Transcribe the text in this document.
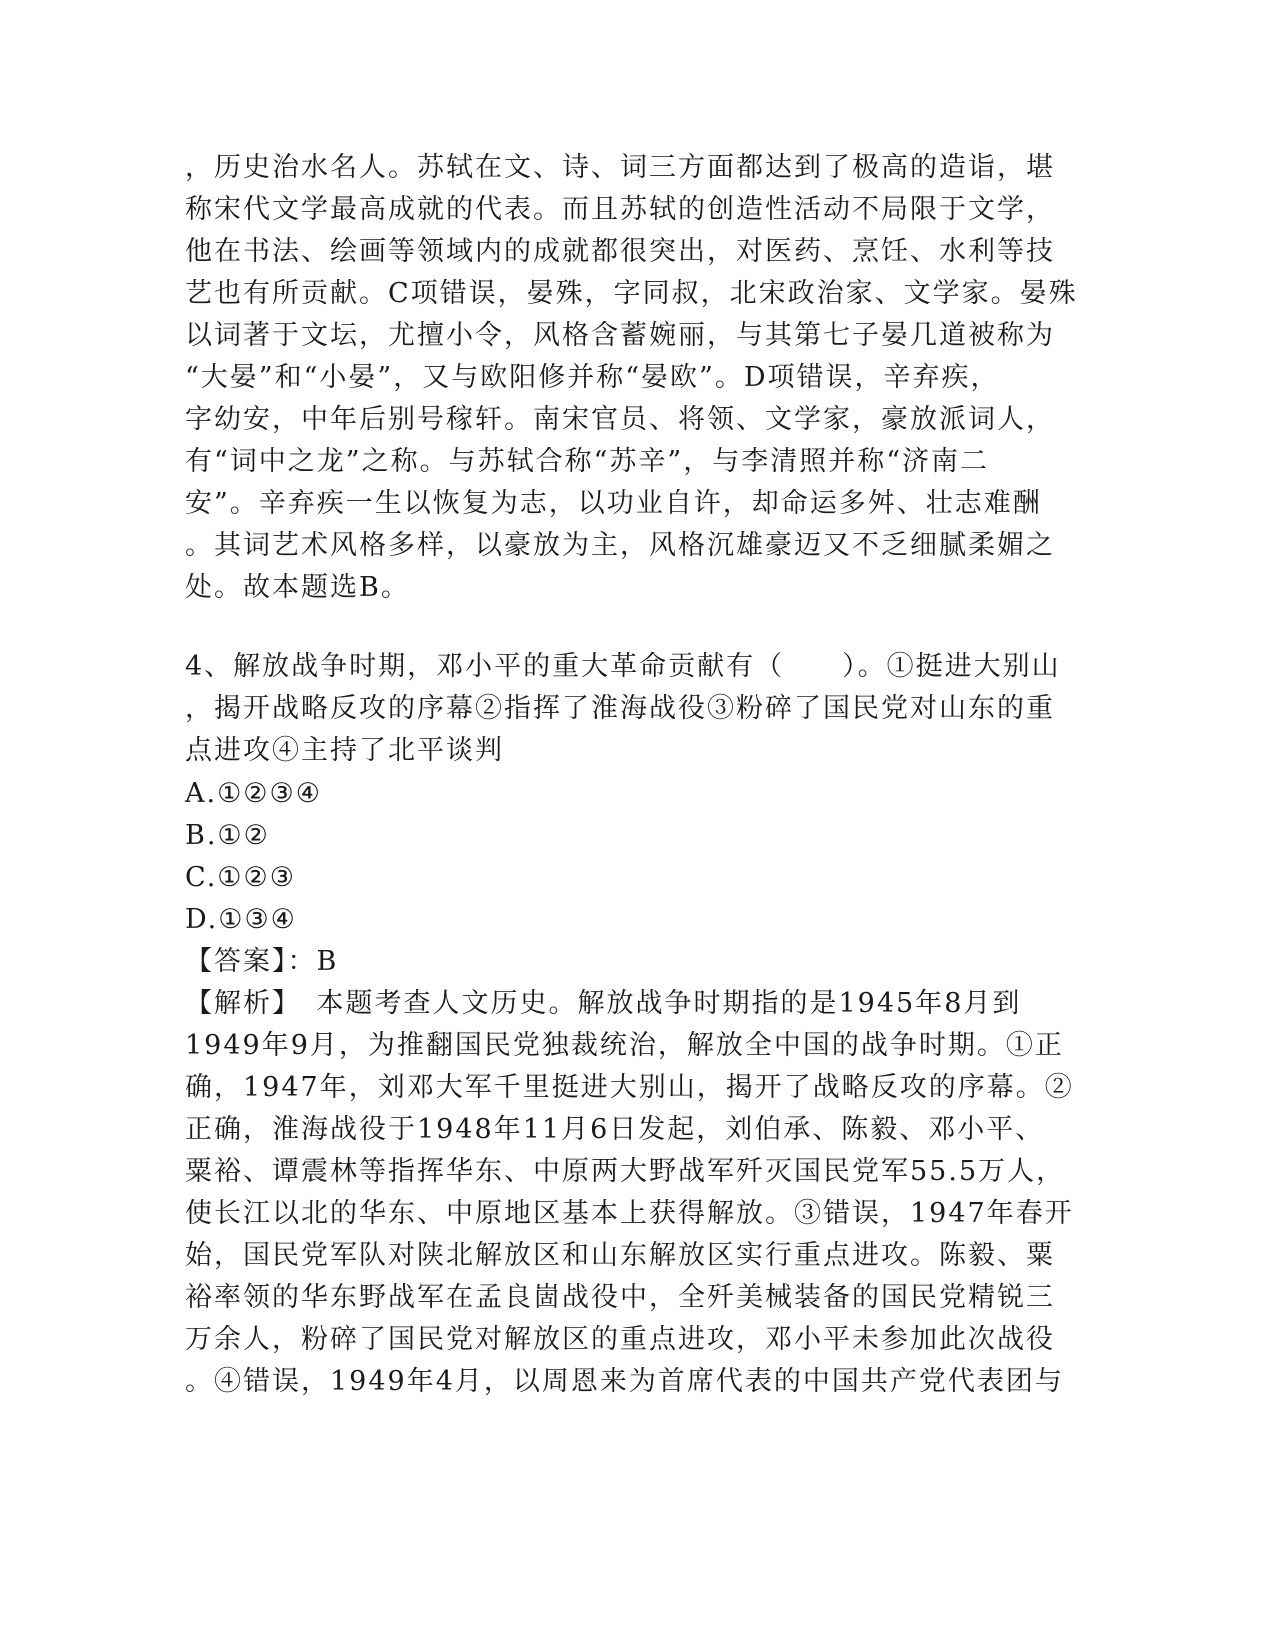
，历史治水名人。苏轼在文、诗、词三方面都达到了极高的造诣，堪
称宋代文学最高成就的代表。而且苏轼的创造性活动不局限于文学，
他在书法、绘画等领域内的成就都很突出，对医药、烹饪、水利等技
艺也有所贡献。C项错误，晏殊，字同叔，北宋政治家、文学家。晏殊
以词著于文坛，尤擅小令，风格含蓄婉丽，与其第七子晏几道被称为
“大晏”和“小晏”，又与欧阳修并称“晏欧”。D项错误，辛弃疾，
字幼安，中年后别号稼轩。南宋官员、将领、文学家，豪放派词人，
有“词中之龙”之称。与苏轼合称“苏辛”，与李清照并称“济南二
安”。辛弃疾一生以恢复为志，以功业自许，却命运多舛、壮志难酬
。其词艺术风格多样，以豪放为主，风格沉雄豪迈又不乏细腻柔媚之
处。故本题选B。
4、解放战争时期，邓小平的重大革命贡献有（　　）。①挺进大别山
，揭开战略反攻的序幕②指挥了淮海战役③粉碎了国民党对山东的重
点进攻④主持了北平谈判
A.①②③④
B.①②
C.①②③
D.①③④
【答案】：B
【解析】　本题考查人文历史。解放战争时期指的是1945年8月到
1949年9月，为推翻国民党独裁统治，解放全中国的战争时期。①正
确，1947年，刘邓大军千里挺进大别山，揭开了战略反攻的序幕。②
正确，淮海战役于1948年11月6日发起，刘伯承、陈毅、邓小平、
粟裕、谭震林等指挥华东、中原两大野战军歼灭国民党军55.5万人，
使长江以北的华东、中原地区基本上获得解放。③错误，1947年春开
始，国民党军队对陕北解放区和山东解放区实行重点进攻。陈毅、粟
裕率领的华东野战军在孟良崮战役中，全歼美械装备的国民党精锐三
万余人，粉碎了国民党对解放区的重点进攻，邓小平未参加此次战役
。④错误，1949年4月，以周恩来为首席代表的中国共产党代表团与
